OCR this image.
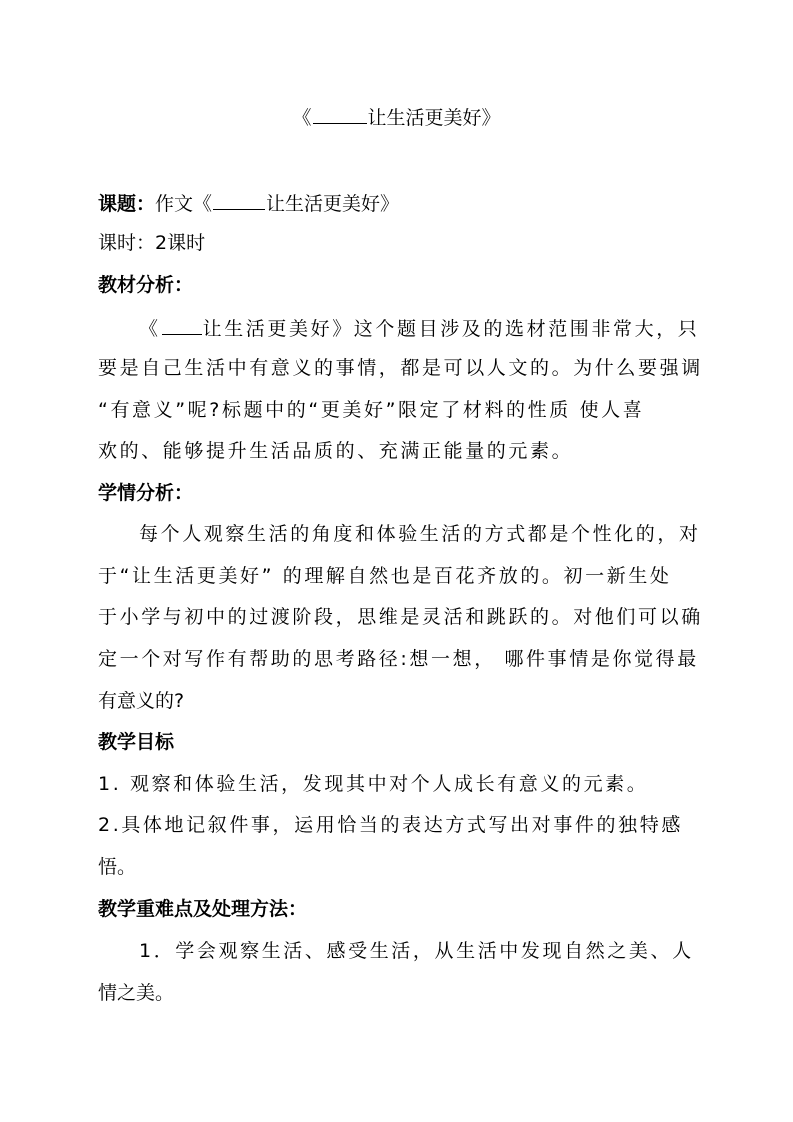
《	让生活更美好》
课题：作文《	让生活更美好》
课时：2课时
教材分析：
《 让生活更美好》这个题目涉及的选材范围非常大，只
要是自己生活中有意义的事情，都是可以人文的。为什么要强调
“有意义”呢?标题中的“更美好”限定了材料的性质 使人喜
欢的、能够提升生活品质的、充满正能量的元素。
学情分析：
每个人观察生活的角度和体验生活的方式都是个性化的，对
于“让生活更美好” 的理解自然也是百花齐放的。初一新生处
于小学与初中的过渡阶段，思维是灵活和跳跃的。对他们可以确
定一个对写作有帮助的思考路径:想一想， 哪件事情是你觉得最
有意义的?
教学目标
1. 观察和体验生活，发现其中对个人成长有意义的元素。
2.具体地记叙件事，运用恰当的表达方式写出对事件的独特感
悟。
教学重难点及处理方法：
1．学会观察生活、感受生活，从生活中发现自然之美、人
情之美。
